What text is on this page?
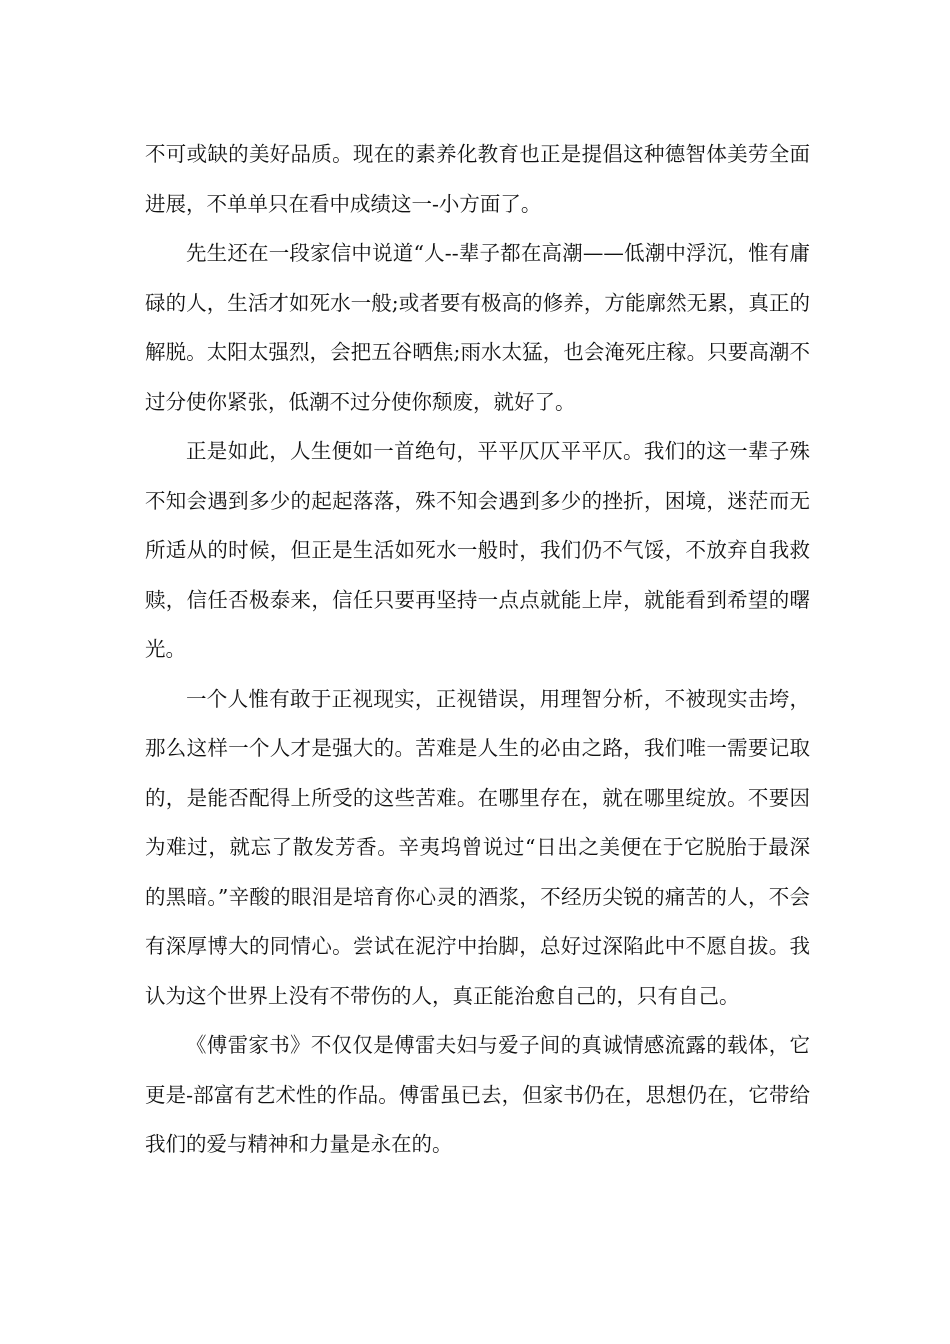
不可或缺的美好品质。现在的素养化教育也正是提倡这种德智体美劳全面进展，不单单只在看中成绩这一-小方面了。

先生还在一段家信中说道“人--辈子都在高潮——低潮中浮沉，惟有庸碌的人，生活才如死水一般;或者要有极高的修养，方能廓然无累，真正的解脱。太阳太强烈，会把五谷晒焦;雨水太猛，也会淹死庄稼。只要高潮不过分使你紧张，低潮不过分使你颓废，就好了。

正是如此，人生便如一首绝句，平平仄仄平平仄。我们的这一辈子殊不知会遇到多少的起起落落，殊不知会遇到多少的挫折，困境，迷茫而无所适从的时候，但正是生活如死水一般时，我们仍不气馁，不放弃自我救赎，信任否极泰来，信任只要再坚持一点点就能上岸，就能看到希望的曙光。

一个人惟有敢于正视现实，正视错误，用理智分析，不被现实击垮，那么这样一个人才是强大的。苦难是人生的必由之路，我们唯一需要记取的，是能否配得上所受的这些苦难。在哪里存在，就在哪里绽放。不要因为难过，就忘了散发芳香。辛夷坞曾说过“日出之美便在于它脱胎于最深的黑暗。”辛酸的眼泪是培育你心灵的酒浆，不经历尖锐的痛苦的人，不会有深厚博大的同情心。尝试在泥泞中抬脚，总好过深陷此中不愿自拔。我认为这个世界上没有不带伤的人，真正能治愈自己的，只有自己。

《傅雷家书》不仅仅是傅雷夫妇与爱子间的真诚情感流露的载体，它更是-部富有艺术性的作品。傅雷虽已去，但家书仍在，思想仍在，它带给我们的爱与精神和力量是永在的。
